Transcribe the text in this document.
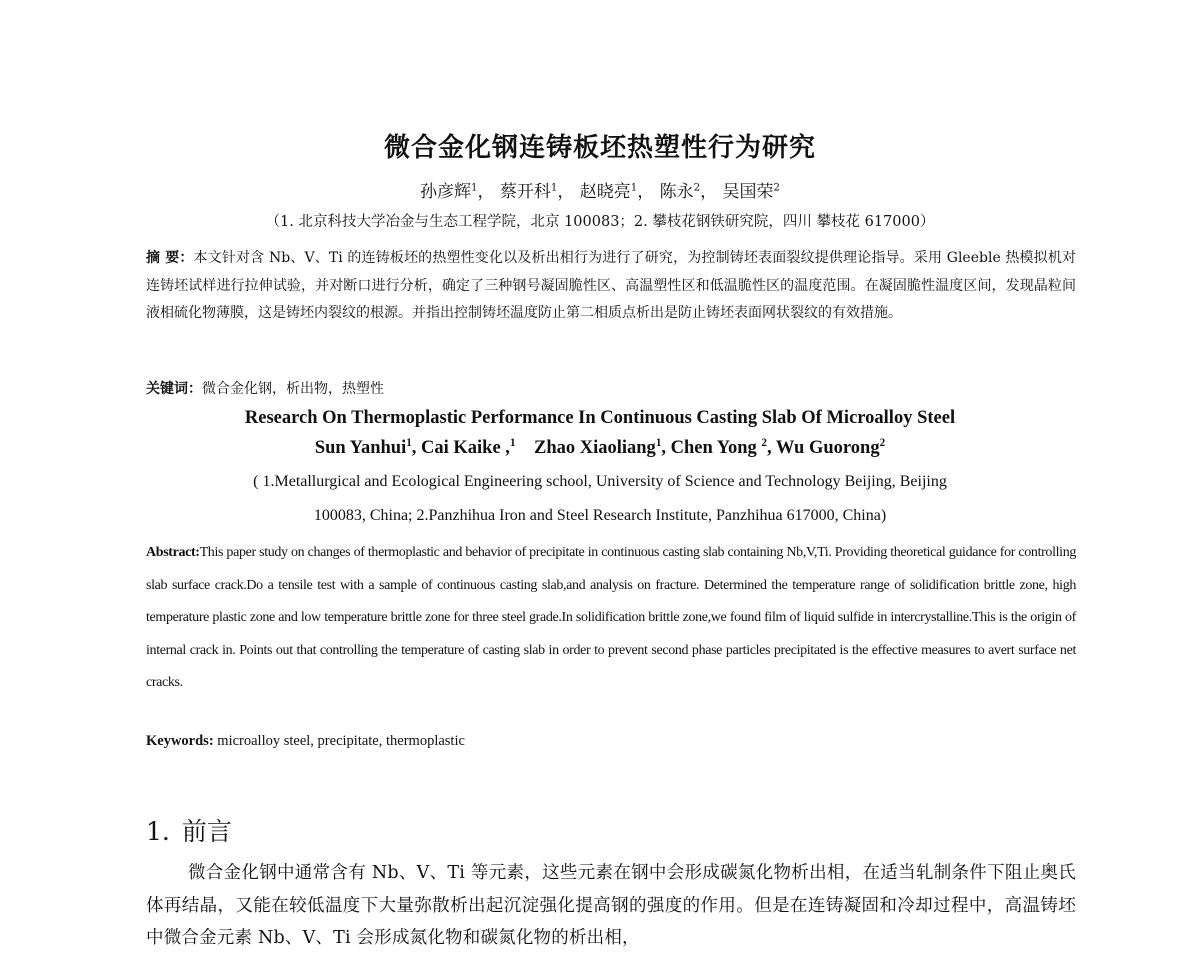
微合金化钢连铸板坯热塑性行为研究
孙彦辉$^1$， 蔡开科$^1$， 赵晓亮$^1$， 陈永$^2$， 吴国荣$^2$
（1. 北京科技大学冶金与生态工程学院，北京 100083；2. 攀枝花钢铁研究院，四川 攀枝花 617000）
摘 要：本文针对含 Nb、V、Ti 的连铸板坯的热塑性变化以及析出相行为进行了研究，为控制铸坯表面裂纹提供理论指导。采用 Gleeble 热模拟机对连铸坯试样进行拉伸试验，并对断口进行分析，确定了三种钢号凝固脆性区、高温塑性区和低温脆性区的温度范围。在凝固脆性温度区间，发现晶粒间液相硫化物薄膜，这是铸坯内裂纹的根源。并指出控制铸坯温度防止第二相质点析出是防止铸坯表面网状裂纹的有效措施。
关键词：微合金化钢，析出物，热塑性
Research On Thermoplastic Performance In Continuous Casting Slab Of Microalloy Steel
Sun Yanhui$^1$, Cai Kaike ,$^1$ Zhao Xiaoliang$^1$, Chen Yong $^2$, Wu Guorong$^2$
( 1.Metallurgical and Ecological Engineering school, University of Science and Technology Beijing, Beijing
100083, China; 2.Panzhihua Iron and Steel Research Institute, Panzhihua 617000, China)
Abstract:This paper study on changes of thermoplastic and behavior of precipitate in continuous casting slab containing Nb,V,Ti. Providing theoretical guidance for controlling slab surface crack.Do a tensile test with a sample of continuous casting slab,and analysis on fracture. Determined the temperature range of solidification brittle zone, high temperature plastic zone and low temperature brittle zone for three steel grade.In solidification brittle zone,we found film of liquid sulfide in intercrystalline.This is the origin of internal crack in. Points out that controlling the temperature of casting slab in order to prevent second phase particles precipitated is the effective measures to avert surface net cracks.
Keywords: microalloy steel, precipitate, thermoplastic
1. 前言
微合金化钢中通常含有 Nb、V、Ti 等元素，这些元素在钢中会形成碳氮化物析出相，在适当轧制条件下阻止奥氏体再结晶，又能在较低温度下大量弥散析出起沉淀强化提高钢的强度的作用。但是在连铸凝固和冷却过程中，高温铸坯中微合金元素 Nb、V、Ti 会形成氮化物和碳氮化物的析出相，
